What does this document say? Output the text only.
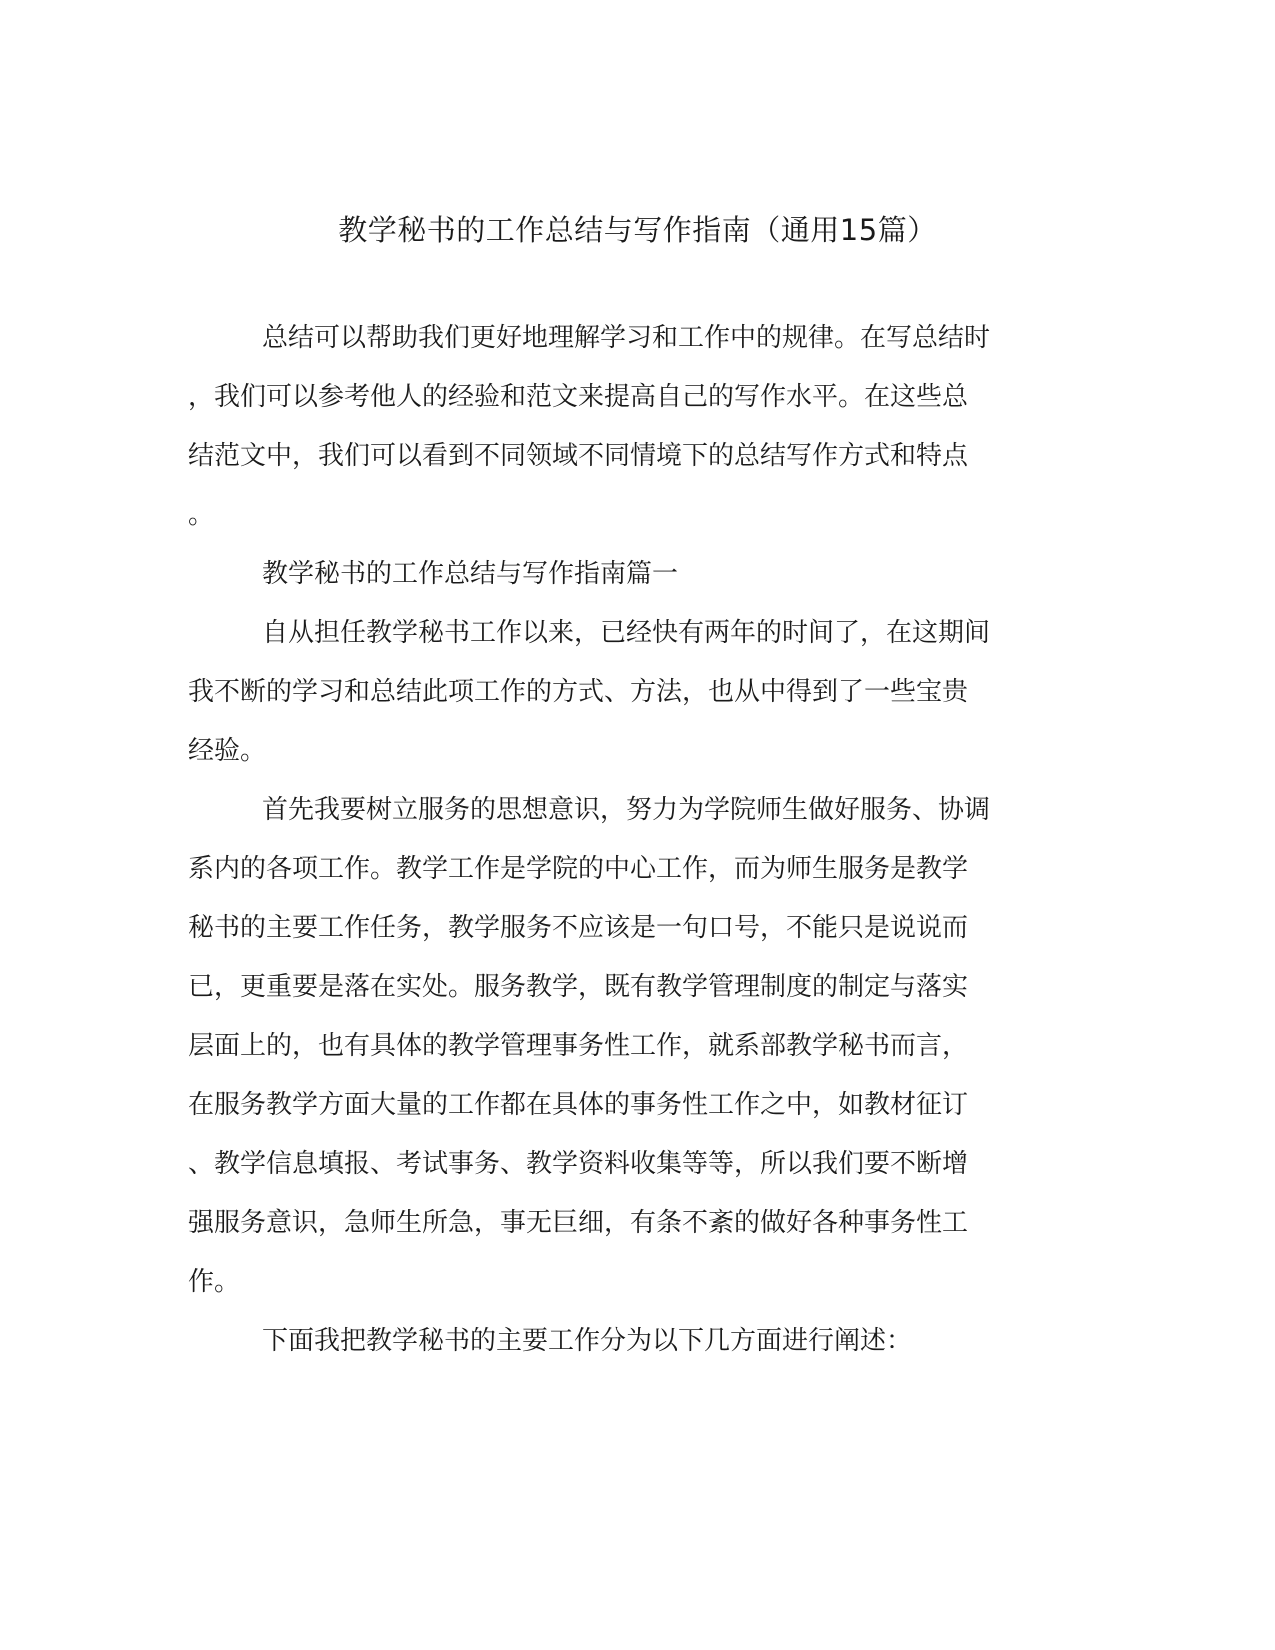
教学秘书的工作总结与写作指南（通用15篇）

总结可以帮助我们更好地理解学习和工作中的规律。在写总结时

，我们可以参考他人的经验和范文来提高自己的写作水平。在这些总

结范文中，我们可以看到不同领域不同情境下的总结写作方式和特点

。

教学秘书的工作总结与写作指南篇一

自从担任教学秘书工作以来，已经快有两年的时间了，在这期间

我不断的学习和总结此项工作的方式、方法，也从中得到了一些宝贵

经验。

首先我要树立服务的思想意识，努力为学院师生做好服务、协调

系内的各项工作。教学工作是学院的中心工作，而为师生服务是教学

秘书的主要工作任务，教学服务不应该是一句口号，不能只是说说而

已，更重要是落在实处。服务教学，既有教学管理制度的制定与落实

层面上的，也有具体的教学管理事务性工作，就系部教学秘书而言，

在服务教学方面大量的工作都在具体的事务性工作之中，如教材征订

、教学信息填报、考试事务、教学资料收集等等，所以我们要不断增

强服务意识，急师生所急，事无巨细，有条不紊的做好各种事务性工

作。

下面我把教学秘书的主要工作分为以下几方面进行阐述：
